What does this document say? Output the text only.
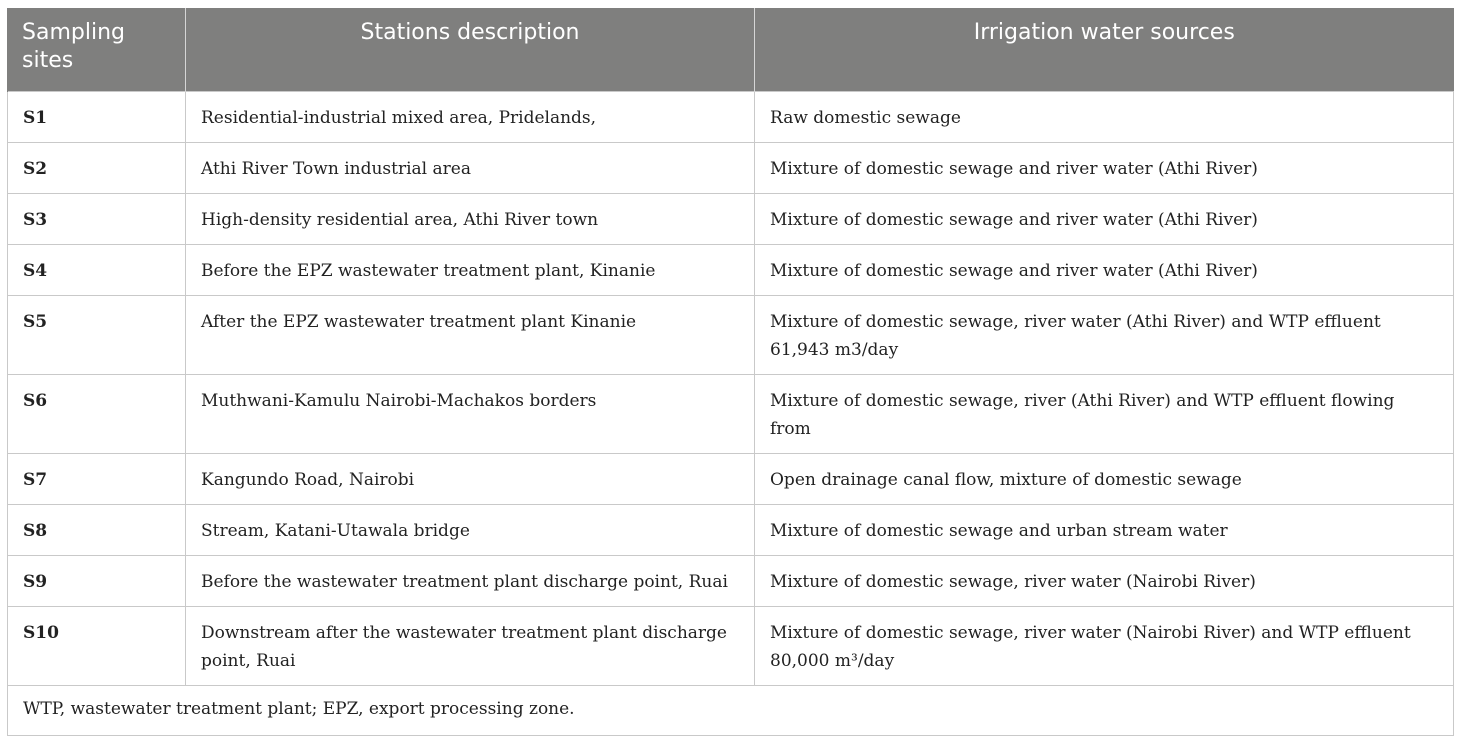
Sampling sites	Stations description	Irrigation water sources
S1	Residential-industrial mixed area, Pridelands,	Raw domestic sewage
S2	Athi River Town industrial area	Mixture of domestic sewage and river water (Athi River)
S3	High-density residential area, Athi River town	Mixture of domestic sewage and river water (Athi River)
S4	Before the EPZ wastewater treatment plant, Kinanie	Mixture of domestic sewage and river water (Athi River)
S5	After the EPZ wastewater treatment plant Kinanie	Mixture of domestic sewage, river water (Athi River) and WTP effluent 61,943 m3/day
S6	Muthwani-Kamulu Nairobi-Machakos borders	Mixture of domestic sewage, river (Athi River) and WTP effluent flowing from
S7	Kangundo Road, Nairobi	Open drainage canal flow, mixture of domestic sewage
S8	Stream, Katani-Utawala bridge	Mixture of domestic sewage and urban stream water
S9	Before the wastewater treatment plant discharge point, Ruai	Mixture of domestic sewage, river water (Nairobi River)
S10	Downstream after the wastewater treatment plant discharge point, Ruai	Mixture of domestic sewage, river water (Nairobi River) and WTP effluent 80,000 m³/day
WTP, wastewater treatment plant; EPZ, export processing zone.		
